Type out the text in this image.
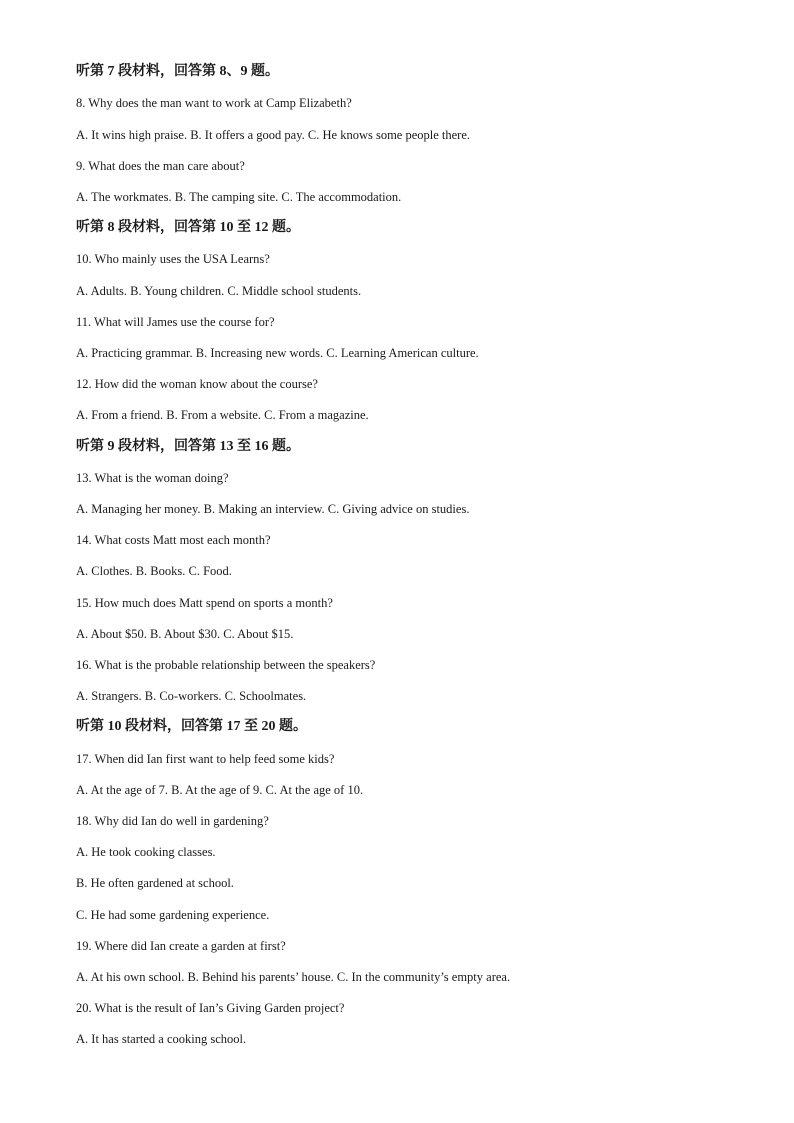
听第 7 段材料，回答第 8、9 题。
8. Why does the man want to work at Camp Elizabeth?
A. It wins high praise. B. It offers a good pay. C. He knows some people there.
9. What does the man care about?
A. The workmates. B. The camping site. C. The accommodation.
听第 8 段材料，回答第 10 至 12 题。
10. Who mainly uses the USA Learns?
A. Adults. B. Young children. C. Middle school students.
11. What will James use the course for?
A. Practicing grammar. B. Increasing new words. C. Learning American culture.
12. How did the woman know about the course?
A. From a friend. B. From a website. C. From a magazine.
听第 9 段材料，回答第 13 至 16 题。
13. What is the woman doing?
A. Managing her money. B. Making an interview. C. Giving advice on studies.
14. What costs Matt most each month?
A. Clothes. B. Books. C. Food.
15. How much does Matt spend on sports a month?
A. About $50. B. About $30. C. About $15.
16. What is the probable relationship between the speakers?
A. Strangers. B. Co-workers. C. Schoolmates.
听第 10 段材料，回答第 17 至 20 题。
17. When did Ian first want to help feed some kids?
A. At the age of 7. B. At the age of 9. C. At the age of 10.
18. Why did Ian do well in gardening?
A. He took cooking classes.
B. He often gardened at school.
C. He had some gardening experience.
19. Where did Ian create a garden at first?
A. At his own school. B. Behind his parents’ house. C. In the community’s empty area.
20. What is the result of Ian’s Giving Garden project?
A. It has started a cooking school.
